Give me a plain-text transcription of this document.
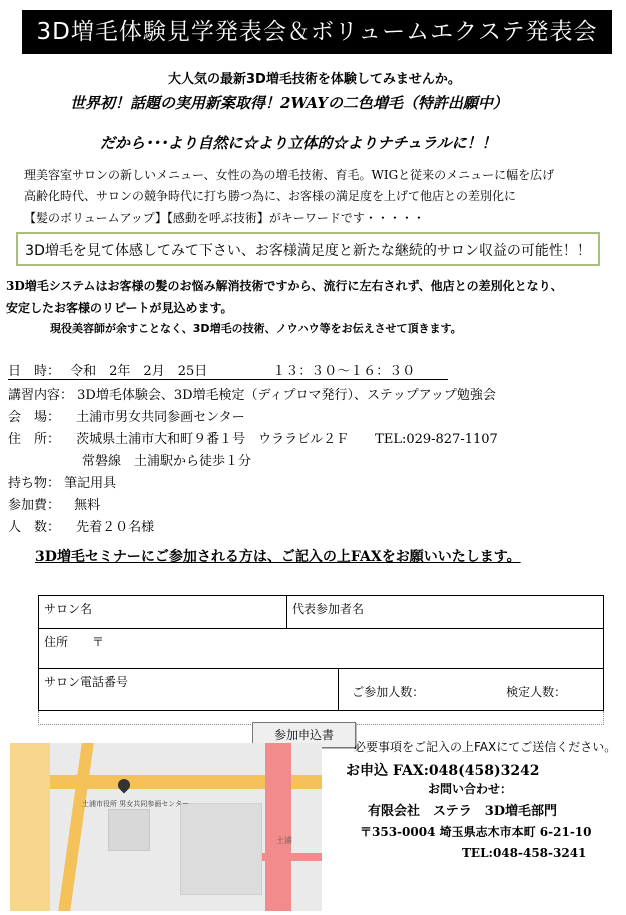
3D増毛体験見学発表会＆ボリュームエクステ発表会
大人気の最新3D増毛技術を体験してみませんか。
世界初！話題の実用新案取得！2WAYの二色増毛（特許出願中）
だから･･･より自然に☆より立体的☆よりナチュラルに！！
理美容室サロンの新しいメニュー、女性の為の増毛技術、育毛。WIGと従来のメニューに幅を広げ
高齢化時代、サロンの競争時代に打ち勝つ為に、お客様の満足度を上げて他店との差別化に
【髪のボリュームアップ】【感動を呼ぶ技術】がキーワードです・・・・・
3D増毛を見て体感してみて下さい、お客様満足度と新たな継続的サロン収益の可能性！！
3D増毛システムはお客様の髪のお悩み解消技術ですから、流行に左右されず、他店との差別化となり、
安定したお客様のリピートが見込めます。
現役美容師が余すことなく、3D増毛の技術、ノウハウ等をお伝えさせて頂きます。
日　時： 令和　2年　2月　25日　　　　　１３：３０～１６：３０
講習内容： 3D増毛体験会、3D増毛検定（ディプロマ発行）、ステップアップ勉強会
会　場： 土浦市男女共同参画センター
住　所： 茨城県土浦市大和町９番１号　ウララビル２Ｆ　　TEL:029-827-1107
常磐線　土浦駅から徒歩１分
持ち物： 筆記用具
参加費： 無料
人　数： 先着２０名様
3D増毛セミナーにご参加される方は、ご記入の上FAXをお願いいたします。
サロン名	代表参加者名	
住所　　〒		
サロン電話番号		ご参加人数： 検定人数：

参加申込書
土浦市役所 男女共同参画センター
土浦
必要事項をご記入の上FAXにてご送信ください。
お申込 FAX:048(458)3242
お問い合わせ：
有限会社　ステラ　3D増毛部門
〒353-0004 埼玉県志木市本町 6-21-10
TEL:048-458-3241
